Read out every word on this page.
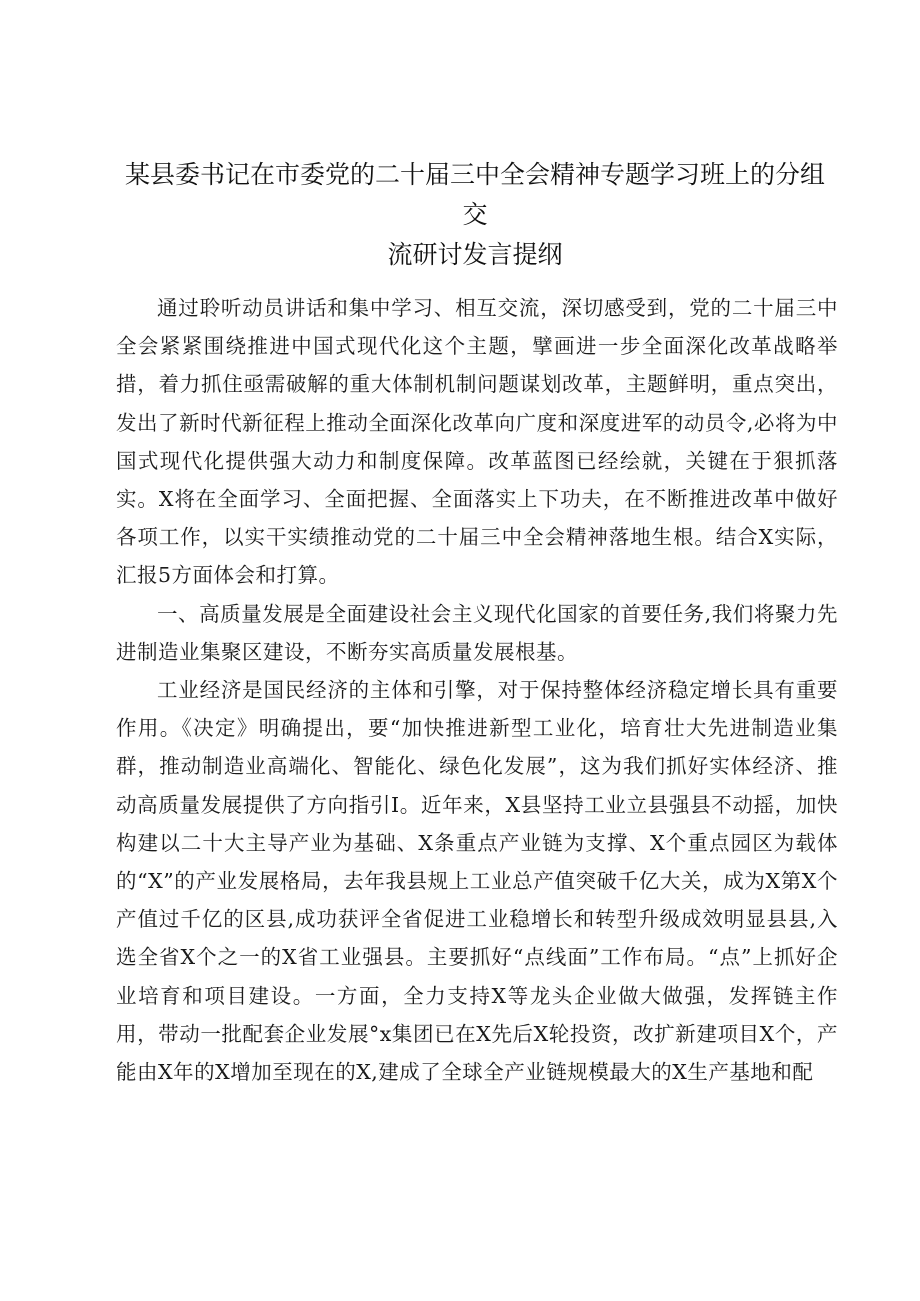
某县委书记在市委党的二十届三中全会精神专题学习班上的分组交
流研讨发言提纲

通过聆听动员讲话和集中学习、相互交流，深切感受到，党的二十届三中全会紧紧围绕推进中国式现代化这个主题，擘画进一步全面深化改革战略举措，着力抓住亟需破解的重大体制机制问题谋划改革，主题鲜明，重点突出，发出了新时代新征程上推动全面深化改革向广度和深度进军的动员令,必将为中国式现代化提供强大动力和制度保障。改革蓝图已经绘就，关键在于狠抓落实。X将在全面学习、全面把握、全面落实上下功夫，在不断推进改革中做好各项工作，以实干实绩推动党的二十届三中全会精神落地生根。结合X实际，汇报5方面体会和打算。

一、高质量发展是全面建设社会主义现代化国家的首要任务,我们将聚力先进制造业集聚区建设，不断夯实高质量发展根基。

工业经济是国民经济的主体和引擎，对于保持整体经济稳定增长具有重要作用。《决定》明确提出，要“加快推进新型工业化，培育壮大先进制造业集群，推动制造业高端化、智能化、绿色化发展”，这为我们抓好实体经济、推动高质量发展提供了方向指引I。近年来，X县坚持工业立县强县不动摇，加快构建以二十大主导产业为基础、X条重点产业链为支撑、X个重点园区为载体的“X”的产业发展格局，去年我县规上工业总产值突破千亿大关，成为X第X个产值过千亿的区县,成功获评全省促进工业稳增长和转型升级成效明显县县,入选全省X个之一的X省工业强县。主要抓好“点线面”工作布局。“点”上抓好企业培育和项目建设。一方面，全力支持X等龙头企业做大做强，发挥链主作用，带动一批配套企业发展°x集团已在X先后X轮投资，改扩新建项目X个，产能由X年的X增加至现在的X,建成了全球全产业链规模最大的X生产基地和配
